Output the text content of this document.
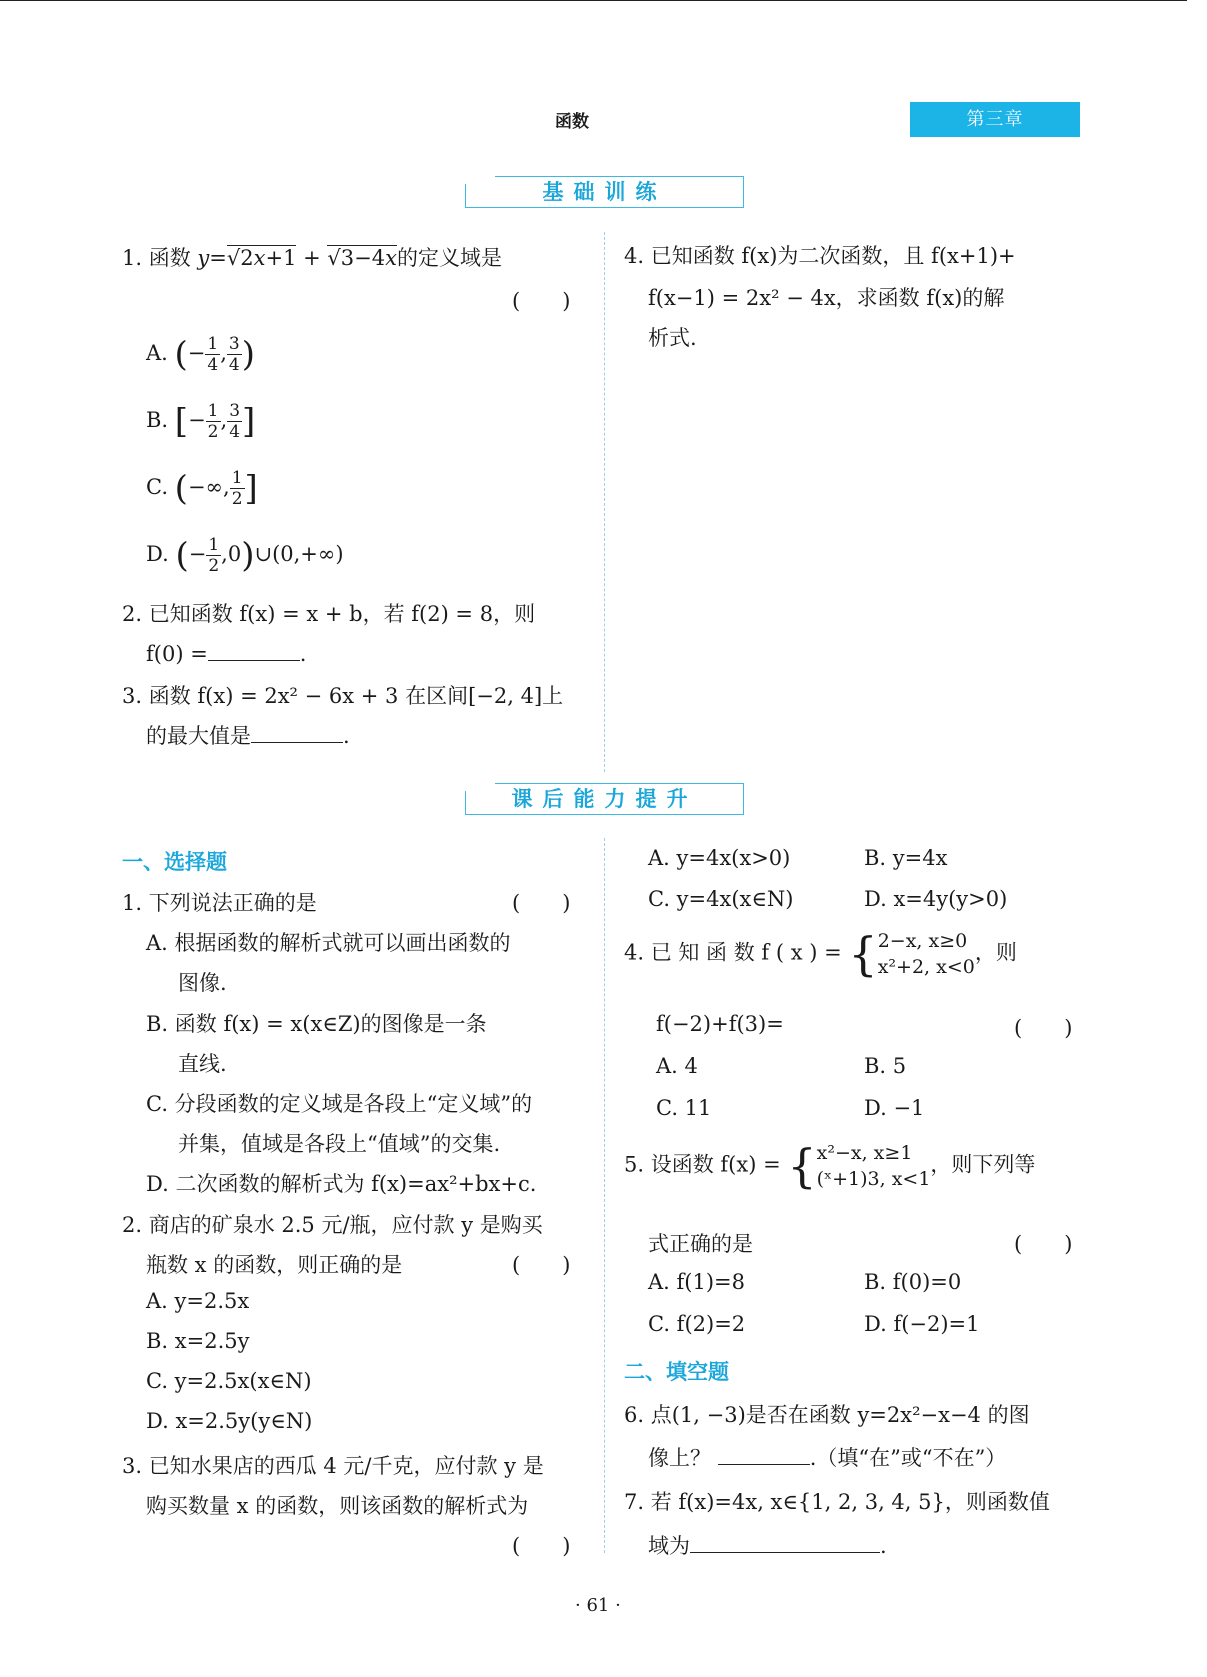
函数	第三章
基础训练
1. 函数 y=√2x+1 + √3−4x的定义域是
(　　)
A. (− $\frac{1}{4}$ , $\frac{3}{4}$ )
B. [− $\frac{1}{2}$ , $\frac{3}{4}$ ]
C. (−∞, $\frac{1}{2}$ ]
D. (− $\frac{1}{2}$ ,0)∪(0,+∞)
2. 已知函数 f(x) = x + b，若 f(2) = 8，则
f(0) =	.
3. 函数 f(x) = 2x² − 6x + 3 在区间[−2, 4]上
的最大值是	.
4. 已知函数 f(x)为二次函数，且 f(x+1)+
f(x−1) = 2x² − 4x，求函数 f(x)的解
析式.
课后能力提升
一、选择题
1. 下列说法正确的是	(　　)
A. 根据函数的解析式就可以画出函数的
图像.
B. 函数 f(x) = x(x∈Z)的图像是一条
直线.
C. 分段函数的定义域是各段上“定义域”的
并集，值域是各段上“值域”的交集.
D. 二次函数的解析式为 f(x)=ax²+bx+c.
2. 商店的矿泉水 2.5 元/瓶，应付款 y 是购买
瓶数 x 的函数，则正确的是	(　　)
A. y=2.5x
B. x=2.5y
C. y=2.5x(x∈N)
D. x=2.5y(y∈N)
3. 已知水果店的西瓜 4 元/千克，应付款 y 是
购买数量 x 的函数，则该函数的解析式为
(　　)
A. y=4x(x>0)	B. y=4x
C. y=4x(x∈N)	D. x=4y(y>0)
4. 已 知 函 数 f ( x ) = { 2−x, x≥0
x²+2, x<0
，则
f(−2)+f(3)=	(　　)
A. 4	B. 5
C. 11	D. −1
5. 设函数 f(x) = { x²−x, x≥1
(ˣ+1)3, x<1
，则下列等
式正确的是	(　　)
A. f(1)=8	B. f(0)=0
C. f(2)=2	D. f(−2)=1
二、填空题
6. 点(1, −3)是否在函数 y=2x²−x−4 的图
像上？	.（填“在”或“不在”）
7. 若 f(x)=4x, x∈{1, 2, 3, 4, 5}，则函数值
域为	.
· 61 ·
